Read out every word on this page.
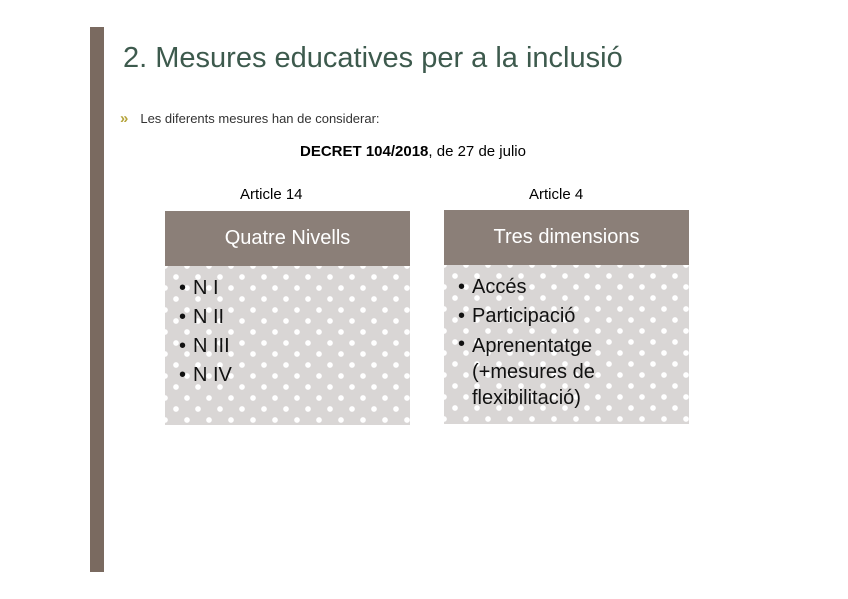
2. Mesures educatives per a la inclusió
» Les diferents mesures han de considerar:
DECRET 104/2018, de 27 de julio
Article 14	Article 4
Quatre Nivells
• N I
• N II
• N III
• N IV
Tres dimensions
• Accés
• Participació
• Aprenentatge (+mesures de flexibilitació)
